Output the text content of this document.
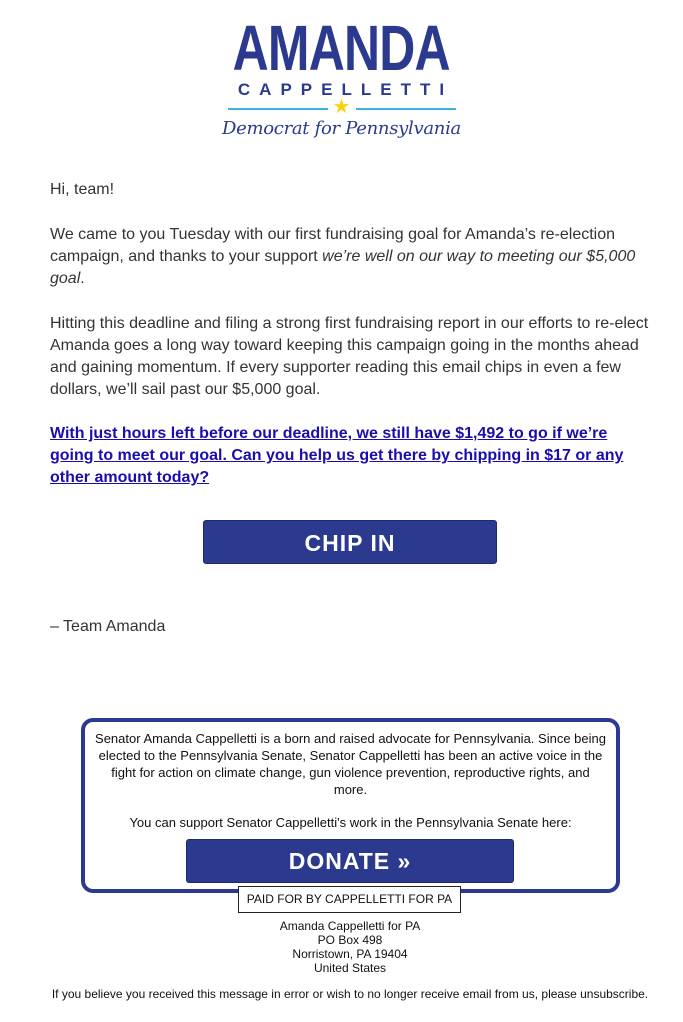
AMANDA
CAPPELLETTI
★
Democrat for Pennsylvania
Hi, team!
We came to you Tuesday with our first fundraising goal for Amanda’s re-election campaign, and thanks to your support we’re well on our way to meeting our $5,000 goal.
Hitting this deadline and filing a strong first fundraising report in our efforts to re-elect Amanda goes a long way toward keeping this campaign going in the months ahead and gaining momentum. If every supporter reading this email chips in even a few dollars, we’ll sail past our $5,000 goal.
With just hours left before our deadline, we still have $1,492 to go if we’re going to meet our goal. Can you help us get there by chipping in $17 or any other amount today?
CHIP IN
– Team Amanda
Senator Amanda Cappelletti is a born and raised advocate for Pennsylvania. Since being elected to the Pennsylvania Senate, Senator Cappelletti has been an active voice in the fight for action on climate change, gun violence prevention, reproductive rights, and more.
You can support Senator Cappelletti's work in the Pennsylvania Senate here:
DONATE »
PAID FOR BY CAPPELLETTI FOR PA
Amanda Cappelletti for PA
PO Box 498
Norristown, PA 19404
United States
If you believe you received this message in error or wish to no longer receive email from us, please unsubscribe.
